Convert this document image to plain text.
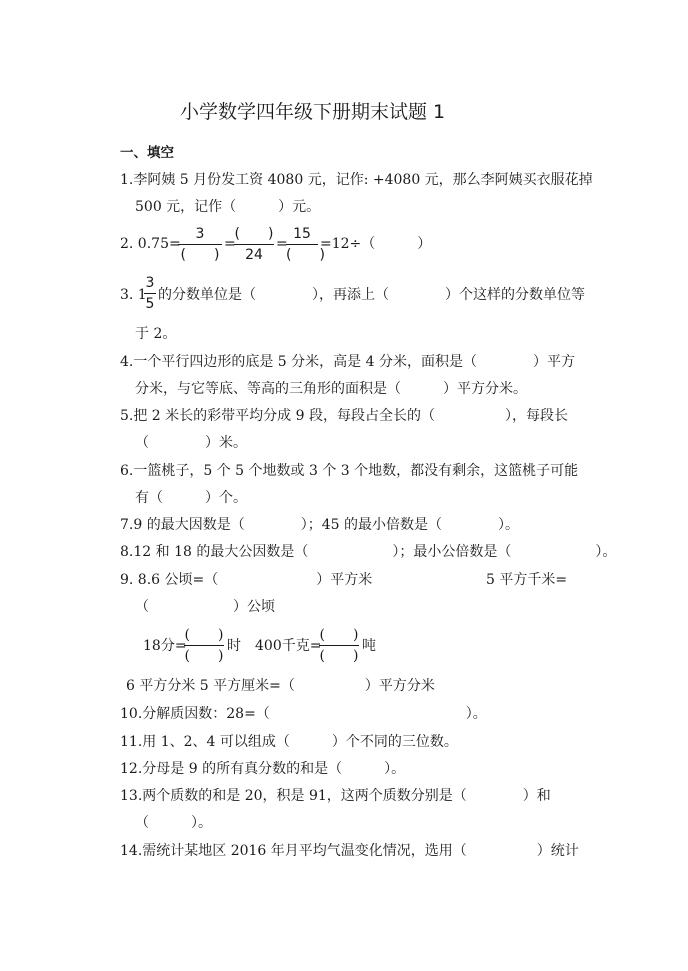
小学数学四年级下册期末试题 1
一、填空
1.李阿姨 5 月份发工资 4080 元，记作: +4080 元，那么李阿姨买衣服花掉
500 元，记作（　　　）元。
2. 0.75=
3
(　　)
=
(　　)
24
=
15
(　　)
=12÷（　　　）
3. 1
3
5
的分数单位是（　　　　），再添上（　　　　）个这样的分数单位等
于 2。
4.一个平行四边形的底是 5 分米，高是 4 分米，面积是（　　　　）平方
分米，与它等底、等高的三角形的面积是（　　　）平方分米。
5.把 2 米长的彩带平均分成 9 段，每段占全长的（　　　　　），每段长
（　　　　）米。
6.一篮桃子，5 个 5 个地数或 3 个 3 个地数，都没有剩余，这篮桃子可能
有（　　　）个。
7.9 的最大因数是（　　　　）；45 的最小倍数是（　　　　）。
8.12 和 18 的最大公因数是（　　　　　　）；最小公倍数是（　　　　　　）。
9. 8.6 公顷=（　　　　　　　）平方米	5 平方千米=
（　　　　　　）公顷
18分=
(　　)
(　　)
时 400千克=
(　　)
(　　)
吨
6 平方分米 5 平方厘米=（　　　　　）平方分米
10.分解质因数：28=（　　　　　　　　　　　　　　）。
11.用 1、2、4 可以组成（　　　）个不同的三位数。
12.分母是 9 的所有真分数的和是（　　　）。
13.两个质数的和是 20，积是 91，这两个质数分别是（　　　　）和
（　　　）。
14.需统计某地区 2016 年月平均气温变化情况，选用（　　　　　）统计
